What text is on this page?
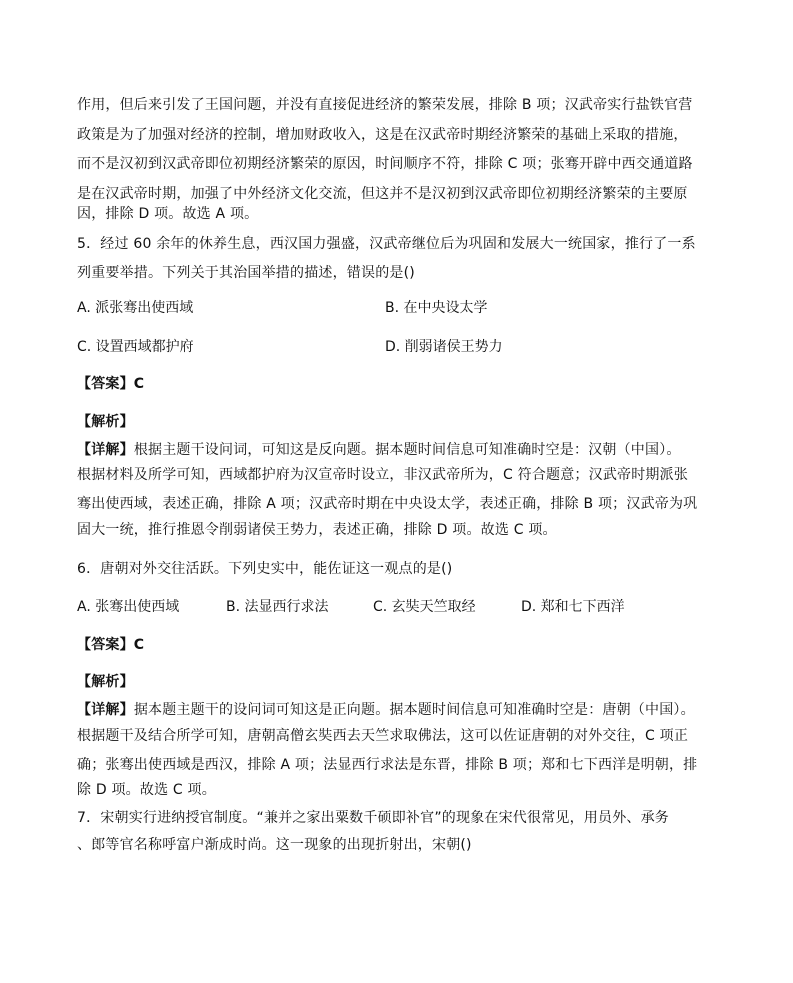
作用，但后来引发了王国问题，并没有直接促进经济的繁荣发展，排除 B 项；汉武帝实行盐铁官营
政策是为了加强对经济的控制，增加财政收入，这是在汉武帝时期经济繁荣的基础上采取的措施，
而不是汉初到汉武帝即位初期经济繁荣的原因，时间顺序不符，排除 C 项；张骞开辟中西交通道路
是在汉武帝时期，加强了中外经济文化交流，但这并不是汉初到汉武帝即位初期经济繁荣的主要原
因，排除 D 项。故选 A 项。
5．经过 60 余年的休养生息，西汉国力强盛，汉武帝继位后为巩固和发展大一统国家，推行了一系
列重要举措。下列关于其治国举措的描述，错误的是()
A. 派张骞出使西域	B. 在中央设太学
C. 设置西域都护府	D. 削弱诸侯王势力
【答案】C
【解析】
【详解】根据主题干设问词，可知这是反向题。据本题时间信息可知准确时空是：汉朝（中国）。
根据材料及所学可知，西域都护府为汉宣帝时设立，非汉武帝所为，C 符合题意；汉武帝时期派张
骞出使西域，表述正确，排除 A 项；汉武帝时期在中央设太学，表述正确，排除 B 项；汉武帝为巩
固大一统，推行推恩令削弱诸侯王势力，表述正确，排除 D 项。故选 C 项。
6．唐朝对外交往活跃。下列史实中，能佐证这一观点的是()
A. 张骞出使西域	B. 法显西行求法	C. 玄奘天竺取经	D. 郑和七下西洋
【答案】C
【解析】
【详解】据本题主题干的设问词可知这是正向题。据本题时间信息可知准确时空是：唐朝（中国）。
根据题干及结合所学可知，唐朝高僧玄奘西去天竺求取佛法，这可以佐证唐朝的对外交往，C 项正
确；张骞出使西域是西汉，排除 A 项；法显西行求法是东晋，排除 B 项；郑和七下西洋是明朝，排
除 D 项。故选 C 项。
7．宋朝实行进纳授官制度。“兼并之家出粟数千硕即补官”的现象在宋代很常见，用员外、承务
、郎等官名称呼富户渐成时尚。这一现象的出现折射出，宋朝()
